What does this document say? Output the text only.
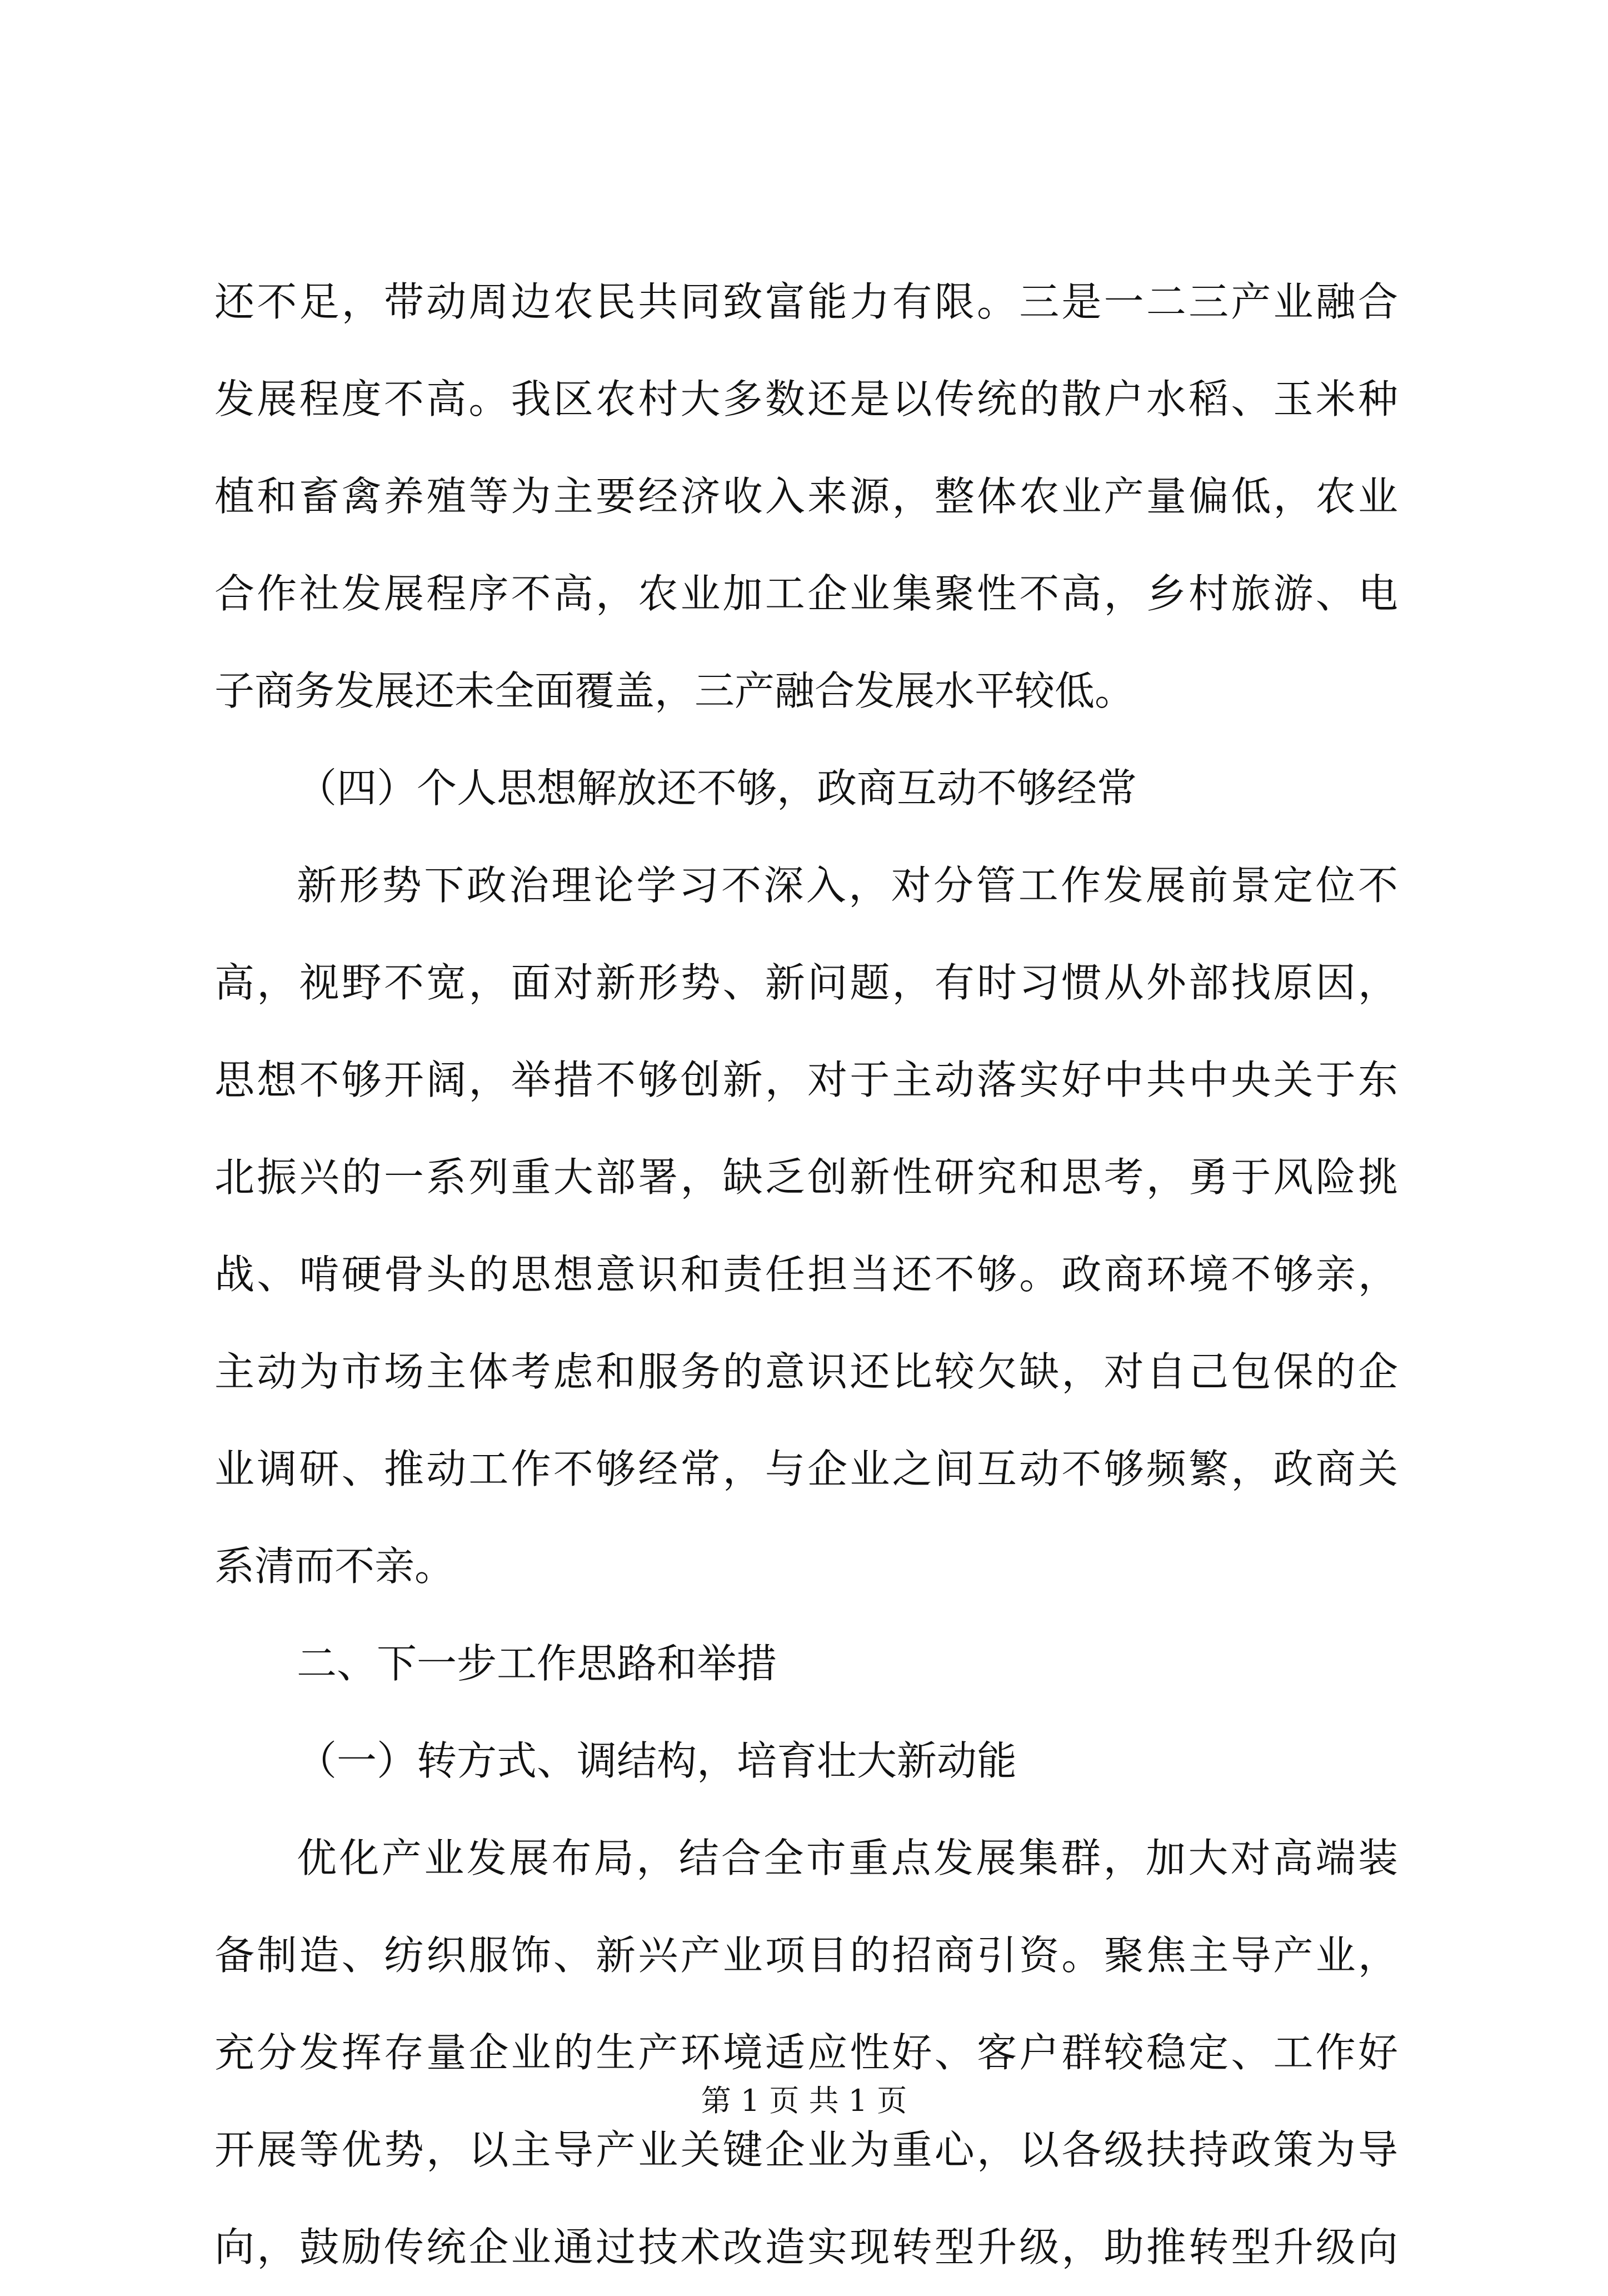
还不足，带动周边农民共同致富能力有限。三是一二三产业融合
发展程度不高。我区农村大多数还是以传统的散户水稻、玉米种
植和畜禽养殖等为主要经济收入来源，整体农业产量偏低，农业
合作社发展程序不高，农业加工企业集聚性不高，乡村旅游、电
子商务发展还未全面覆盖，三产融合发展水平较低。
（四）个人思想解放还不够，政商互动不够经常
新形势下政治理论学习不深入，对分管工作发展前景定位不
高，视野不宽，面对新形势、新问题，有时习惯从外部找原因，
思想不够开阔，举措不够创新，对于主动落实好中共中央关于东
北振兴的一系列重大部署，缺乏创新性研究和思考，勇于风险挑
战、啃硬骨头的思想意识和责任担当还不够。政商环境不够亲，
主动为市场主体考虑和服务的意识还比较欠缺，对自己包保的企
业调研、推动工作不够经常，与企业之间互动不够频繁，政商关
系清而不亲。
二、下一步工作思路和举措
（一）转方式、调结构，培育壮大新动能
优化产业发展布局，结合全市重点发展集群，加大对高端装
备制造、纺织服饰、新兴产业项目的招商引资。聚焦主导产业，
充分发挥存量企业的生产环境适应性好、客户群较稳定、工作好
开展等优势，以主导产业关键企业为重心，以各级扶持政策为导
向，鼓励传统企业通过技术改造实现转型升级，助推转型升级向
第 1 页 共 1 页
